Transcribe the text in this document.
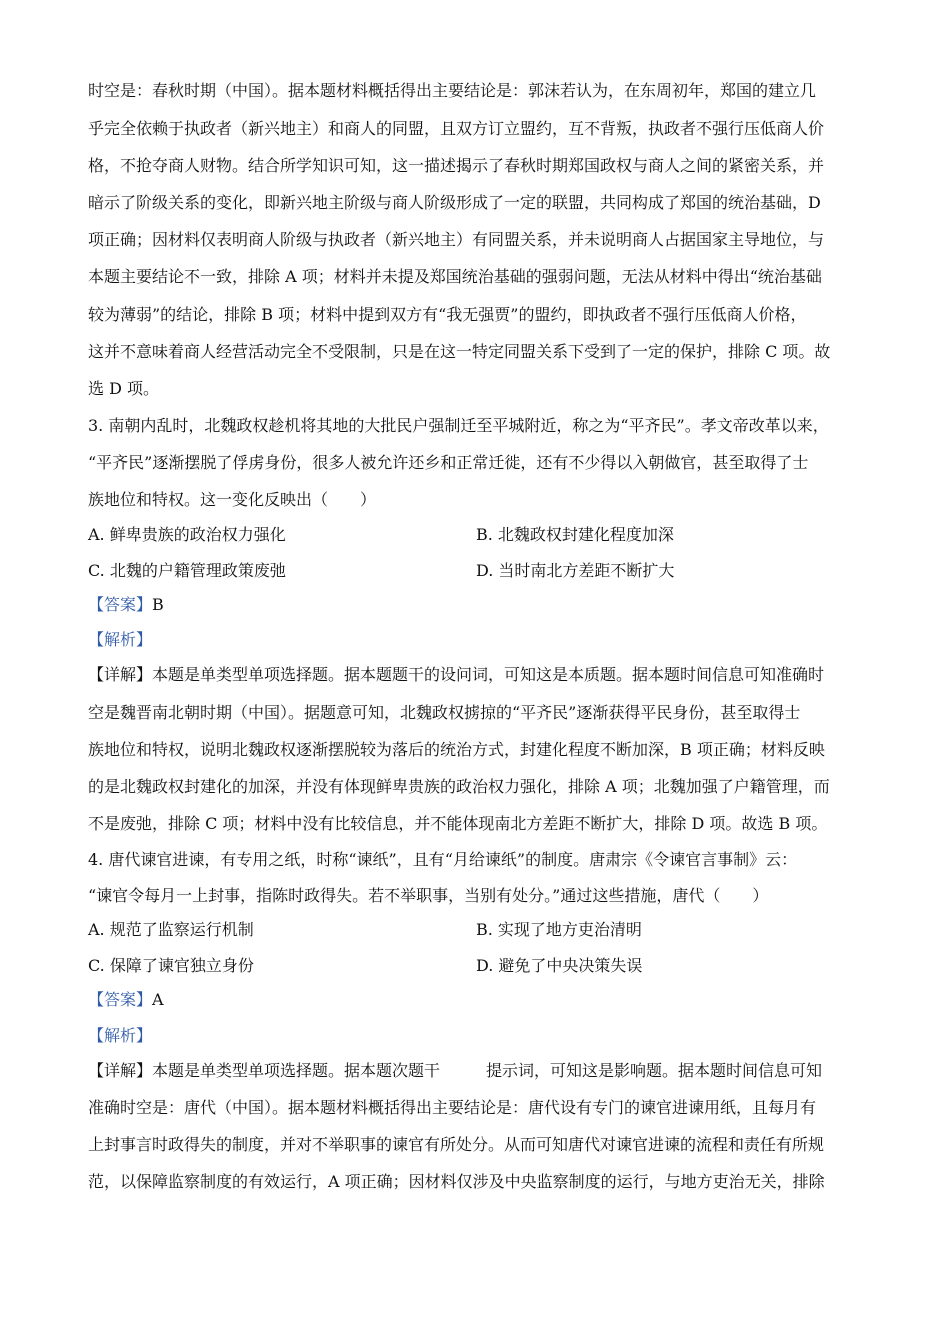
时空是：春秋时期（中国）。据本题材料概括得出主要结论是：郭沫若认为，在东周初年，郑国的建立几
乎完全依赖于执政者（新兴地主）和商人的同盟，且双方订立盟约，互不背叛，执政者不强行压低商人价
格，不抢夺商人财物。结合所学知识可知，这一描述揭示了春秋时期郑国政权与商人之间的紧密关系，并
暗示了阶级关系的变化，即新兴地主阶级与商人阶级形成了一定的联盟，共同构成了郑国的统治基础，D
项正确；因材料仅表明商人阶级与执政者（新兴地主）有同盟关系，并未说明商人占据国家主导地位，与
本题主要结论不一致，排除 A 项；材料并未提及郑国统治基础的强弱问题，无法从材料中得出“统治基础
较为薄弱”的结论，排除 B 项；材料中提到双方有“我无强贾”的盟约，即执政者不强行压低商人价格，
这并不意味着商人经营活动完全不受限制，只是在这一特定同盟关系下受到了一定的保护，排除 C 项。故
选 D 项。
3. 南朝内乱时，北魏政权趁机将其地的大批民户强制迁至平城附近，称之为“平齐民”。孝文帝改革以来，
“平齐民”逐渐摆脱了俘虏身份，很多人被允许还乡和正常迁徙，还有不少得以入朝做官，甚至取得了士
族地位和特权。这一变化反映出（　　）
A. 鲜卑贵族的政治权力强化	B. 北魏政权封建化程度加深
C. 北魏的户籍管理政策废弛	D. 当时南北方差距不断扩大
【答案】B
【解析】
【详解】本题是单类型单项选择题。据本题题干的设问词，可知这是本质题。据本题时间信息可知准确时
空是魏晋南北朝时期（中国）。据题意可知，北魏政权掳掠的“平齐民”逐渐获得平民身份，甚至取得士
族地位和特权，说明北魏政权逐渐摆脱较为落后的统治方式，封建化程度不断加深，B 项正确；材料反映
的是北魏政权封建化的加深，并没有体现鲜卑贵族的政治权力强化，排除 A 项；北魏加强了户籍管理，而
不是废弛，排除 C 项；材料中没有比较信息，并不能体现南北方差距不断扩大，排除 D 项。故选 B 项。
4. 唐代谏官进谏，有专用之纸，时称“谏纸”，且有“月给谏纸”的制度。唐肃宗《令谏官言事制》云：
“谏官令每月一上封事，指陈时政得失。若不举职事，当别有处分。”通过这些措施，唐代（　　）
A. 规范了监察运行机制	B. 实现了地方吏治清明
C. 保障了谏官独立身份	D. 避免了中央决策失误
【答案】A
【解析】
【详解】本题是单类型单项选择题。据本题次题干	提示词，可知这是影响题。据本题时间信息可知
准确时空是：唐代（中国）。据本题材料概括得出主要结论是：唐代设有专门的谏官进谏用纸，且每月有
上封事言时政得失的制度，并对不举职事的谏官有所处分。从而可知唐代对谏官进谏的流程和责任有所规
范，以保障监察制度的有效运行，A 项正确；因材料仅涉及中央监察制度的运行，与地方吏治无关，排除
